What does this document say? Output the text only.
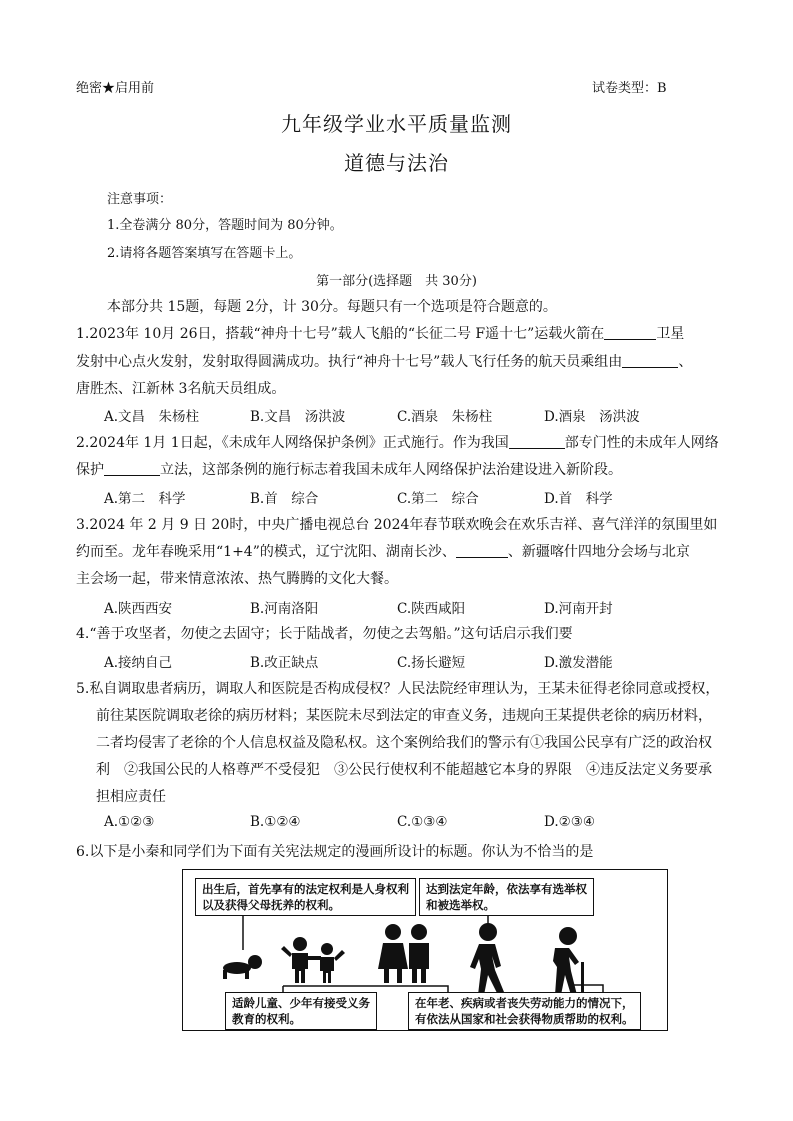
绝密★启用前	试卷类型：B
九年级学业水平质量监测
道德与法治
注意事项：
1.全卷满分 80分，答题时间为 80分钟。
2.请将各题答案填写在答题卡上。
第一部分(选择题　共 30分)
本部分共 15题，每题 2分，计 30分。每题只有一个选项是符合题意的。
1.2023年 10月 26日，搭载“神舟十七号”载人飞船的“长征二号 F遥十七”运载火箭在	卫星
发射中心点火发射，发射取得圆满成功。执行“神舟十七号”载人飞行任务的航天员乘组由	、
唐胜杰、江新林 3名航天员组成。
A.文昌　朱杨柱	B.文昌　汤洪波	C.酒泉　朱杨柱	D.酒泉　汤洪波
2.2024年 1月 1日起，《未成年人网络保护条例》正式施行。作为我国	部专门性的未成年人网络
保护	立法，这部条例的施行标志着我国未成年人网络保护法治建设进入新阶段。
A.第二　科学	B.首　综合	C.第二　综合	D.首　科学
3.2024 年 2 月 9 日 20时，中央广播电视总台 2024年春节联欢晚会在欢乐吉祥、喜气洋洋的氛围里如
约而至。龙年春晚采用“1+4”的模式，辽宁沈阳、湖南长沙、	、新疆喀什四地分会场与北京
主会场一起，带来情意浓浓、热气腾腾的文化大餐。
A.陕西西安	B.河南洛阳	C.陕西咸阳	D.河南开封
4.“善于攻坚者，勿使之去固守；长于陆战者，勿使之去驾船。”这句话启示我们要
A.接纳自己	B.改正缺点	C.扬长避短	D.激发潜能
5.私自调取患者病历，调取人和医院是否构成侵权？人民法院经审理认为，王某未征得老徐同意或授权，
前往某医院调取老徐的病历材料；某医院未尽到法定的审查义务，违规向王某提供老徐的病历材料，
二者均侵害了老徐的个人信息权益及隐私权。这个案例给我们的警示有①我国公民享有广泛的政治权
利　②我国公民的人格尊严不受侵犯　③公民行使权利不能超越它本身的界限　④违反法定义务要承
担相应责任
A.①②③	B.①②④	C.①③④	D.②③④
6.以下是小秦和同学们为下面有关宪法规定的漫画所设计的标题。你认为不恰当的是
出生后，首先享有的法定权利是人身权利
以及获得父母抚养的权利。
达到法定年龄，依法享有选举权
和被选举权。
适龄儿童、少年有接受义务
教育的权利。
在年老、疾病或者丧失劳动能力的情况下，
有依法从国家和社会获得物质帮助的权利。
